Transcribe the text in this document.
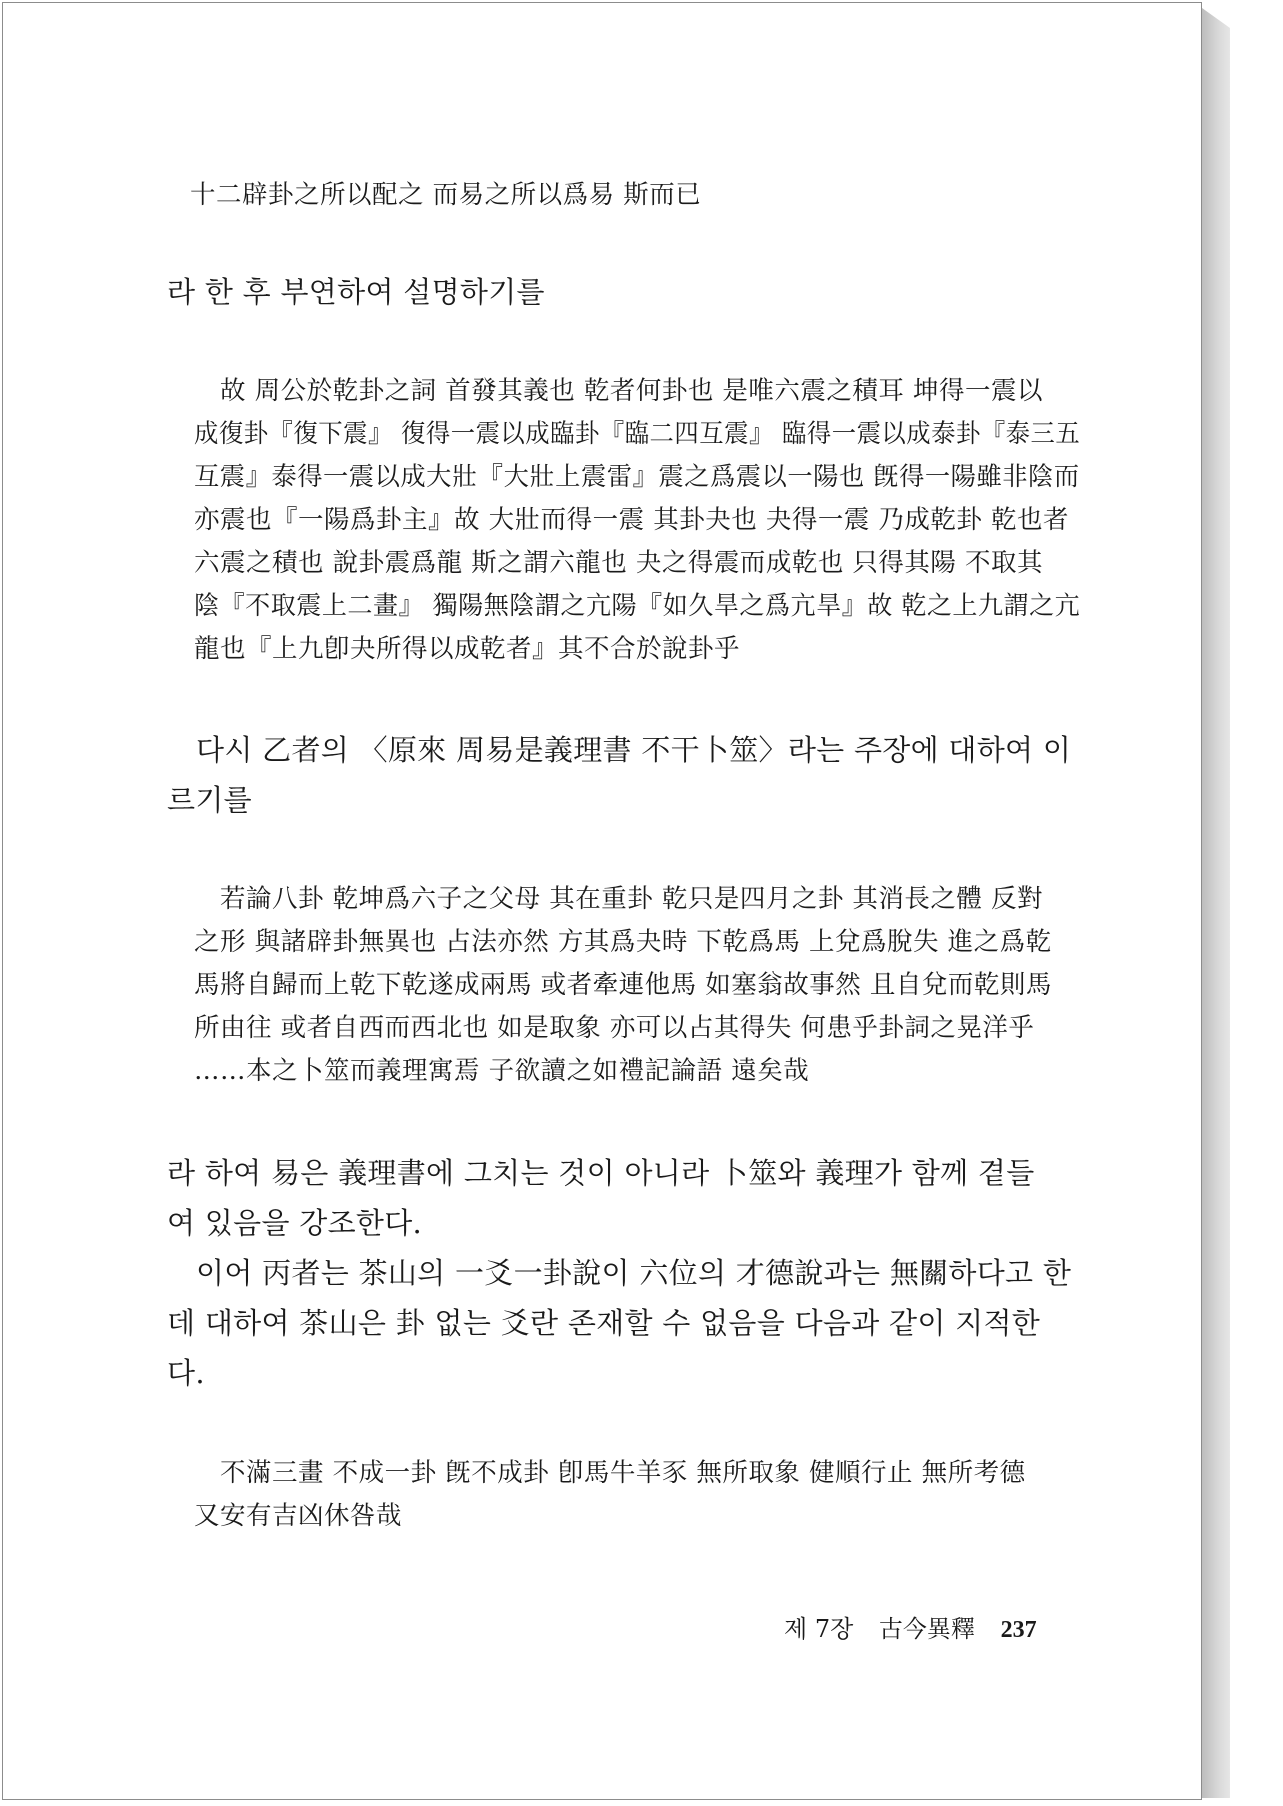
十二辟卦之所以配之 而易之所以爲易 斯而已
라 한 후 부연하여 설명하기를
故 周公於乾卦之詞 首發其義也 乾者何卦也 是唯六震之積耳 坤得一震以
成復卦『復下震』 復得一震以成臨卦『臨二四互震』 臨得一震以成泰卦『泰三五
互震』泰得一震以成大壯『大壯上震雷』震之爲震以一陽也 旣得一陽雖非陰而
亦震也『一陽爲卦主』故 大壯而得一震 其卦夬也 夬得一震 乃成乾卦 乾也者
六震之積也 說卦震爲龍 斯之謂六龍也 夬之得震而成乾也 只得其陽 不取其
陰『不取震上二畫』 獨陽無陰謂之亢陽『如久旱之爲亢旱』故 乾之上九謂之亢
龍也『上九卽夬所得以成乾者』其不合於說卦乎
다시 乙者의 〈原來 周易是義理書 不干卜筮〉라는 주장에 대하여 이
르기를
若論八卦 乾坤爲六子之父母 其在重卦 乾只是四月之卦 其消長之體 反對
之形 與諸辟卦無異也 占法亦然 方其爲夬時 下乾爲馬 上兌爲脫失 進之爲乾
馬將自歸而上乾下乾遂成兩馬 或者牽連他馬 如塞翁故事然 且自兌而乾則馬
所由往 或者自西而西北也 如是取象 亦可以占其得失 何患乎卦詞之晃洋乎
……本之卜筮而義理寓焉 子欲讀之如禮記論語 遠矣哉
라 하여 易은 義理書에 그치는 것이 아니라 卜筮와 義理가 함께 곁들
여 있음을 강조한다.
이어 丙者는 茶山의 一爻一卦說이 六位의 才德說과는 無關하다고 한
데 대하여 茶山은 卦 없는 爻란 존재할 수 없음을 다음과 같이 지적한
다.
不滿三畫 不成一卦 旣不成卦 卽馬牛羊豕 無所取象 健順行止 無所考德
又安有吉凶休咎哉
제 7장 古今異釋 237
